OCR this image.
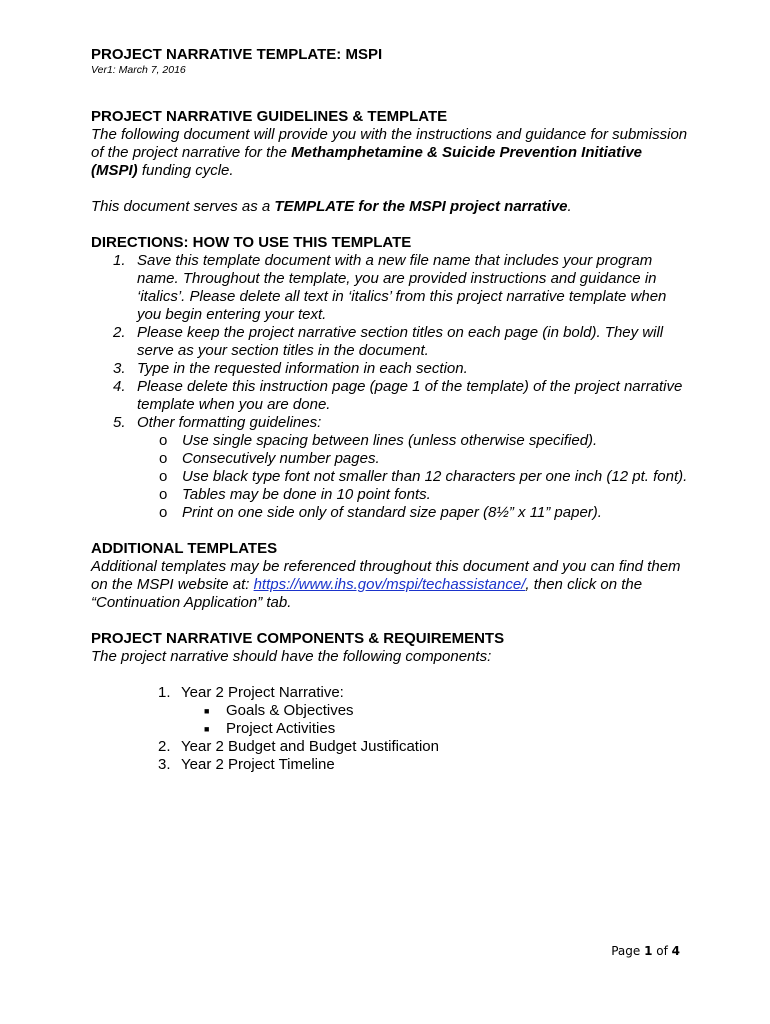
PROJECT NARRATIVE TEMPLATE: MSPI

Ver1: March 7, 2016

PROJECT NARRATIVE GUIDELINES & TEMPLATE

The following document will provide you with the instructions and guidance for submission of the project narrative for the Methamphetamine & Suicide Prevention Initiative (MSPI) funding cycle.

This document serves as a TEMPLATE for the MSPI project narrative.

DIRECTIONS: HOW TO USE THIS TEMPLATE
1. Save this template document with a new file name that includes your program name. Throughout the template, you are provided instructions and guidance in ‘italics’. Please delete all text in ‘italics’ from this project narrative template when you begin entering your text.
2. Please keep the project narrative section titles on each page (in bold). They will serve as your section titles in the document.
3. Type in the requested information in each section.
4. Please delete this instruction page (page 1 of the template) of the project narrative template when you are done.
5. Other formatting guidelines:
o Use single spacing between lines (unless otherwise specified).
o Consecutively number pages.
o Use black type font not smaller than 12 characters per one inch (12 pt. font).
o Tables may be done in 10 point fonts.
o Print on one side only of standard size paper (8½” x 11” paper).
ADDITIONAL TEMPLATES

Additional templates may be referenced throughout this document and you can find them on the MSPI website at: https://www.ihs.gov/mspi/techassistance/, then click on the “Continuation Application” tab.

PROJECT NARRATIVE COMPONENTS & REQUIREMENTS

The project narrative should have the following components:

1. Year 2 Project Narrative:
■ Goals & Objectives
■ Project Activities
2. Year 2 Budget and Budget Justification
3. Year 2 Project Timeline
Page 1 of 4
